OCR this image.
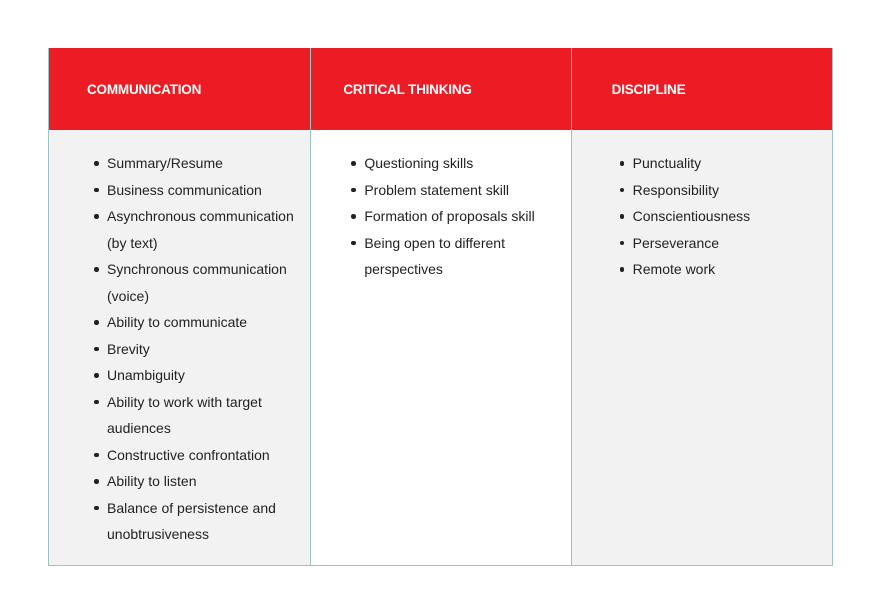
COMMUNICATION
Summary/Resume
Business communication
Asynchronous communication (by text)
Synchronous communication (voice)
Ability to communicate
Brevity
Unambiguity
Ability to work with target audiences
Constructive confrontation
Ability to listen
Balance of persistence and unobtrusiveness
CRITICAL THINKING
Questioning skills
Problem statement skill
Formation of proposals skill
Being open to different perspectives
DISCIPLINE
Punctuality
Responsibility
Conscientiousness
Perseverance
Remote work
